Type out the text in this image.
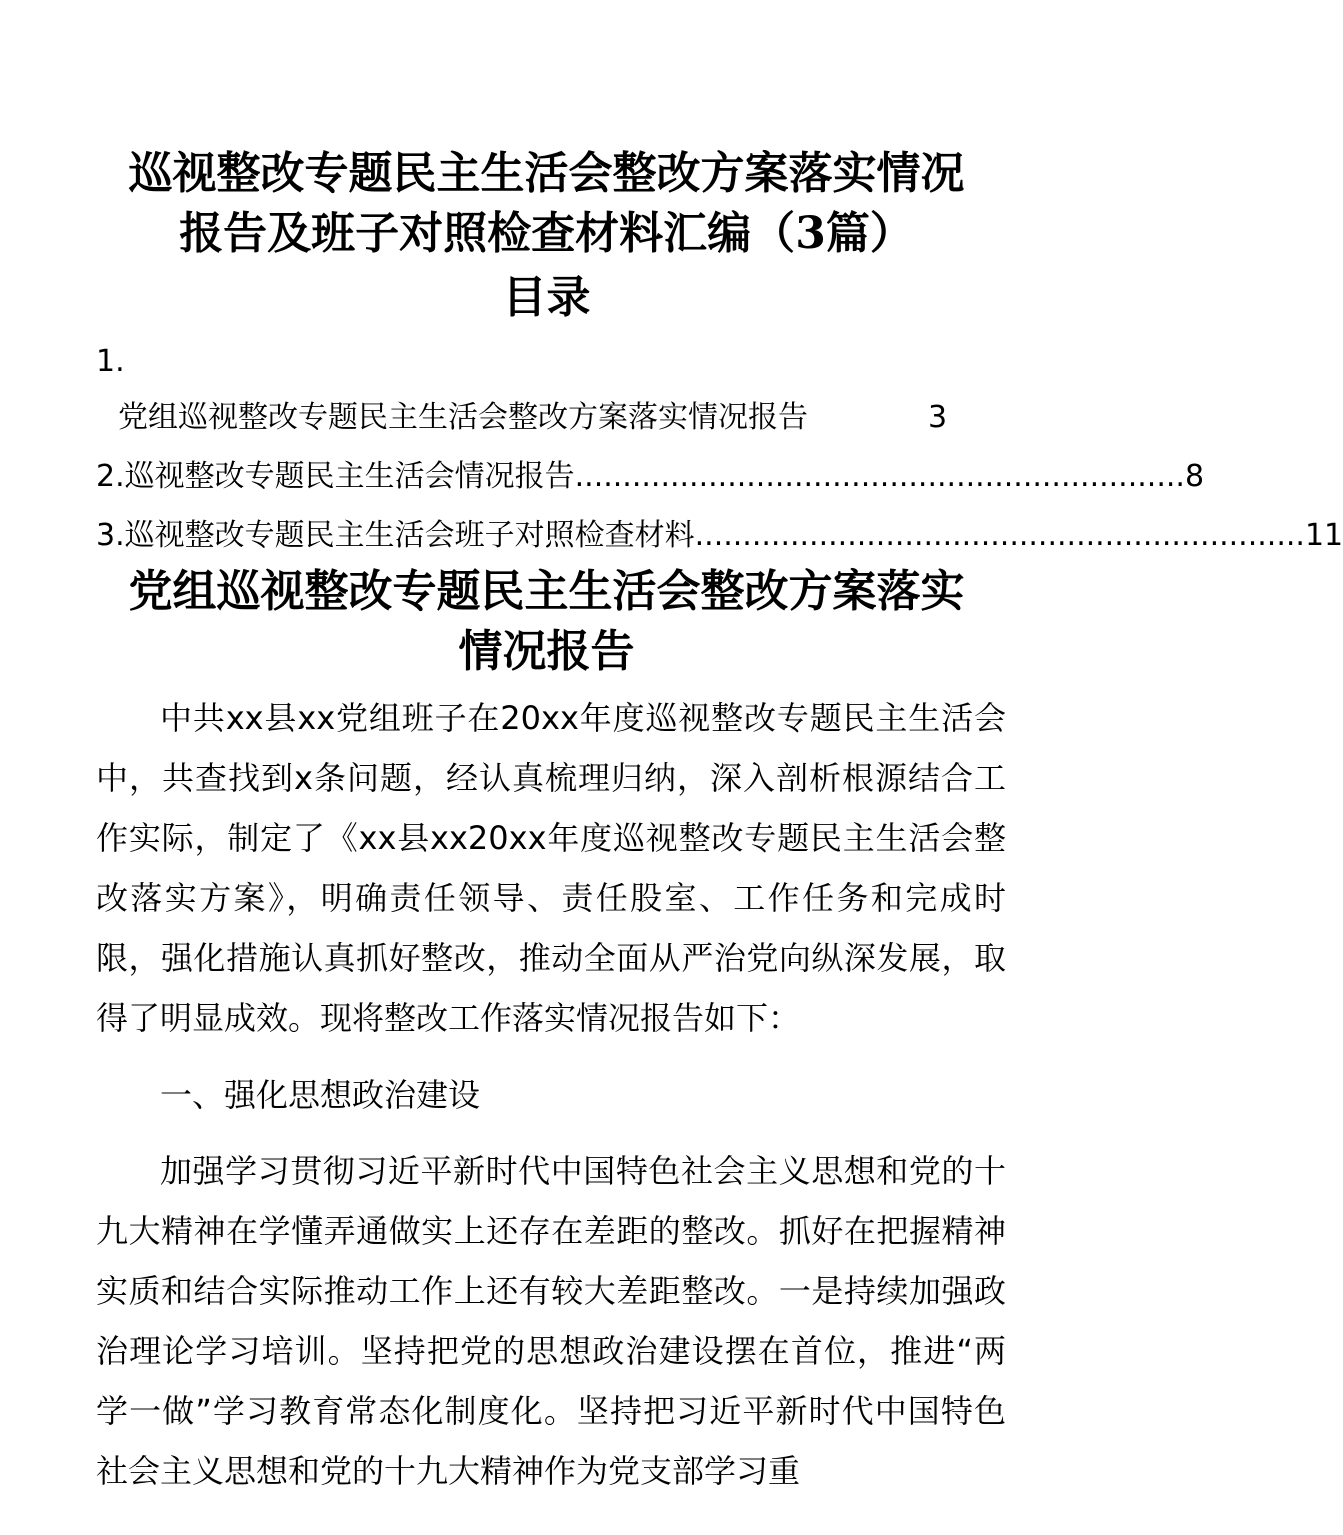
巡视整改专题民主生活会整改方案落实情况
报告及班子对照检查材料汇编（3篇）
目录
1.
党组巡视整改专题民主生活会整改方案落实情况报告	3
2.巡视整改专题民主生活会情况报告 ................................................................ 8
3.巡视整改专题民主生活会班子对照检查材料 ................................................................ 11
党组巡视整改专题民主生活会整改方案落实
情况报告

中共xx县xx党组班子在20xx年度巡视整改专题民主生活会中，共查找到x条问题，经认真梳理归纳，深入剖析根源结合工作实际，制定了《xx县xx20xx年度巡视整改专题民主生活会整改落实方案》，明确责任领导、责任股室、工作任务和完成时限，强化措施认真抓好整改，推动全面从严治党向纵深发展，取得了明显成效。现将整改工作落实情况报告如下：

一、强化思想政治建设

加强学习贯彻习近平新时代中国特色社会主义思想和党的十九大精神在学懂弄通做实上还存在差距的整改。抓好在把握精神实质和结合实际推动工作上还有较大差距整改。一是持续加强政治理论学习培训。坚持把党的思想政治建设摆在首位，推进“两学一做”学习教育常态化制度化。坚持把习近平新时代中国特色社会主义思想和党的十九大精神作为党支部学习重
